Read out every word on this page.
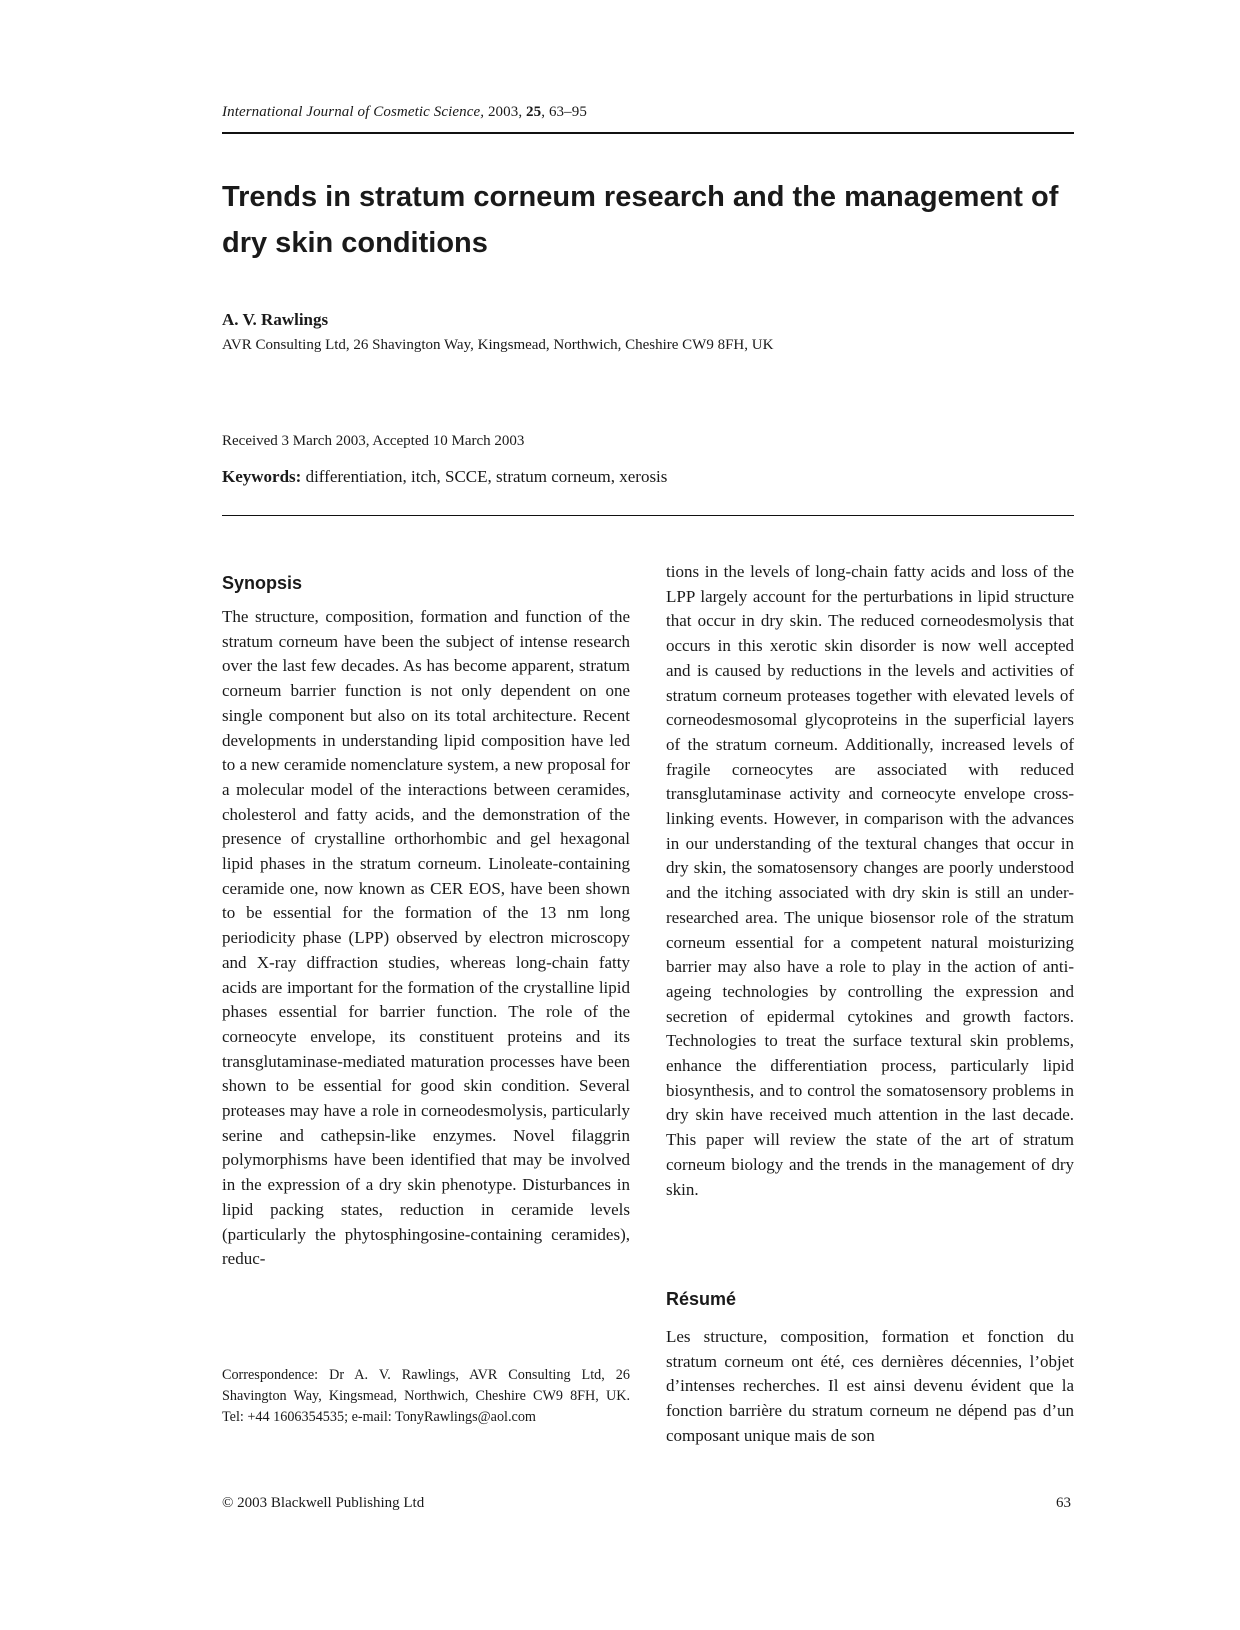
International Journal of Cosmetic Science, 2003, 25, 63–95
Trends in stratum corneum research and the management of dry skin conditions
A. V. Rawlings
AVR Consulting Ltd, 26 Shavington Way, Kingsmead, Northwich, Cheshire CW9 8FH, UK
Received 3 March 2003, Accepted 10 March 2003
Keywords: differentiation, itch, SCCE, stratum corneum, xerosis
Synopsis
The structure, composition, formation and function of the stratum corneum have been the subject of intense research over the last few decades. As has become apparent, stratum corneum barrier function is not only dependent on one single component but also on its total architecture. Recent developments in understanding lipid composition have led to a new ceramide nomenclature system, a new proposal for a molecular model of the interactions between ceramides, cholesterol and fatty acids, and the demonstration of the presence of crystalline orthorhombic and gel hexagonal lipid phases in the stratum corneum. Linoleate-containing ceramide one, now known as CER EOS, have been shown to be essential for the formation of the 13 nm long periodicity phase (LPP) observed by electron microscopy and X-ray diffraction studies, whereas long-chain fatty acids are important for the formation of the crystalline lipid phases essential for barrier function. The role of the corneocyte envelope, its constituent proteins and its transglutaminase-mediated maturation processes have been shown to be essential for good skin condition. Several proteases may have a role in corneodesmolysis, particularly serine and cathepsin-like enzymes. Novel filaggrin polymorphisms have been identified that may be involved in the expression of a dry skin phenotype. Disturbances in lipid packing states, reduction in ceramide levels (particularly the phytosphingosine-containing ceramides), reduc-
tions in the levels of long-chain fatty acids and loss of the LPP largely account for the perturbations in lipid structure that occur in dry skin. The reduced corneodesmolysis that occurs in this xerotic skin disorder is now well accepted and is caused by reductions in the levels and activities of stratum corneum proteases together with elevated levels of corneodesmosomal glycoproteins in the superficial layers of the stratum corneum. Additionally, increased levels of fragile corneocytes are associated with reduced transglutaminase activity and corneocyte envelope cross-linking events. However, in comparison with the advances in our understanding of the textural changes that occur in dry skin, the somatosensory changes are poorly understood and the itching associated with dry skin is still an under-researched area. The unique biosensor role of the stratum corneum essential for a competent natural moisturizing barrier may also have a role to play in the action of anti-ageing technologies by controlling the expression and secretion of epidermal cytokines and growth factors. Technologies to treat the surface textural skin problems, enhance the differentiation process, particularly lipid biosynthesis, and to control the somatosensory problems in dry skin have received much attention in the last decade. This paper will review the state of the art of stratum corneum biology and the trends in the management of dry skin.
Résumé
Les structure, composition, formation et fonction du stratum corneum ont été, ces dernières décennies, l’objet d’intenses recherches. Il est ainsi devenu évident que la fonction barrière du stratum corneum ne dépend pas d’un composant unique mais de son
Correspondence: Dr A. V. Rawlings, AVR Consulting Ltd, 26 Shavington Way, Kingsmead, Northwich, Cheshire CW9 8FH, UK. Tel: +44 1606354535; e-mail: TonyRawlings@aol.com
© 2003 Blackwell Publishing Ltd	63
